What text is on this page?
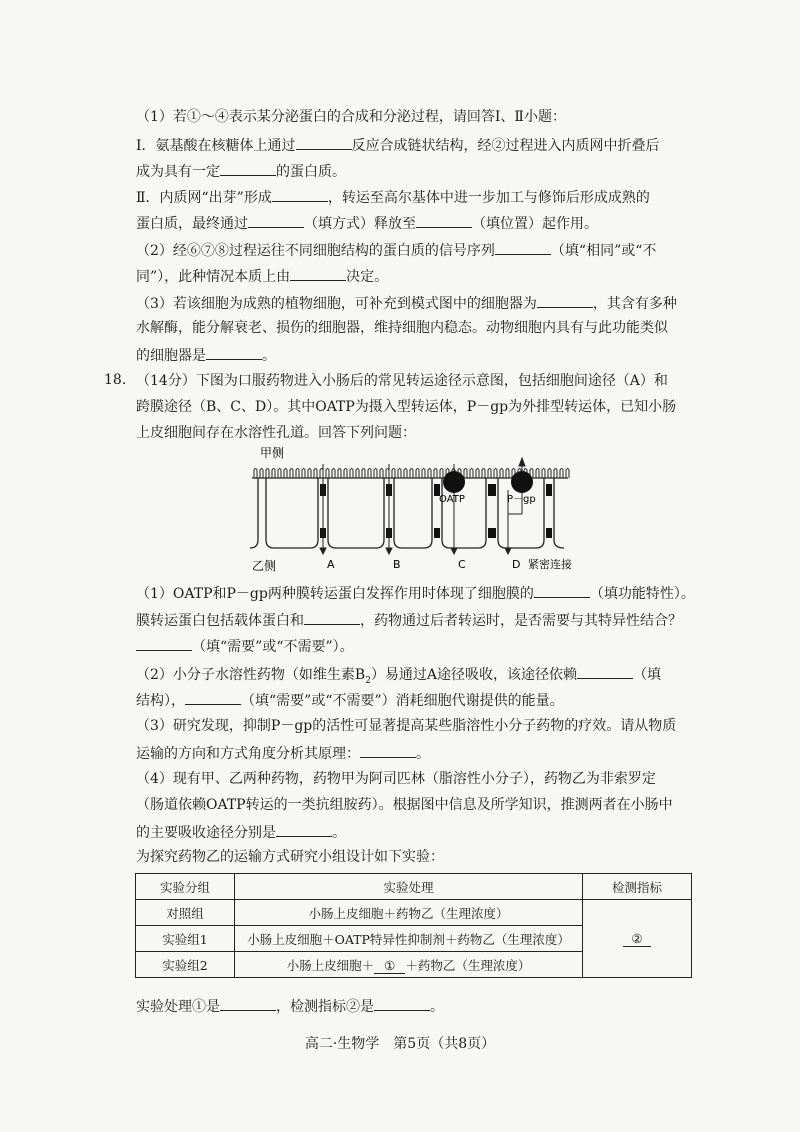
（1）若①～④表示某分泌蛋白的合成和分泌过程，请回答Ⅰ、Ⅱ小题：
Ⅰ．氨基酸在核糖体上通过	反应合成链状结构，经②过程进入内质网中折叠后
成为具有一定	的蛋白质。
Ⅱ．内质网“出芽”形成	，转运至高尔基体中进一步加工与修饰后形成成熟的
蛋白质，最终通过	（填方式）释放至	（填位置）起作用。
（2）经⑥⑦⑧过程运往不同细胞结构的蛋白质的信号序列	（填“相同”或“不
同”），此种情况本质上由	决定。
（3）若该细胞为成熟的植物细胞，可补充到模式图中的细胞器为	，其含有多种
水解酶，能分解衰老、损伤的细胞器，维持细胞内稳态。动物细胞内具有与此功能类似
的细胞器是	。
18. （14分）下图为口服药物进入小肠后的常见转运途径示意图，包括细胞间途径（A）和
跨膜途径（B、C、D）。其中OATP为摄入型转运体，P－gp为外排型转运体，已知小肠
上皮细胞间存在水溶性孔道。回答下列问题：
甲侧
乙侧
OATP	P－gp
A	B	C	D 紧密连接
（1）OATP和P－gp两种膜转运蛋白发挥作用时体现了细胞膜的	（填功能特性）。
膜转运蛋白包括载体蛋白和	，药物通过后者转运时，是否需要与其特异性结合？
（填“需要”或“不需要”）。
（2）小分子水溶性药物（如维生素$B_2$）易通过A途径吸收，该途径依赖	（填
结构），	（填“需要”或“不需要”）消耗细胞代谢提供的能量。
（3）研究发现，抑制P－gp的活性可显著提高某些脂溶性小分子药物的疗效。请从物质
运输的方向和方式角度分析其原理：	。
（4）现有甲、乙两种药物，药物甲为阿司匹林（脂溶性小分子），药物乙为非索罗定
（肠道依赖OATP转运的一类抗组胺药）。根据图中信息及所学知识，推测两者在小肠中
的主要吸收途径分别是	。
为探究药物乙的运输方式研究小组设计如下实验：
实验分组	实验处理	检测指标
对照组	小肠上皮细胞＋药物乙（生理浓度）	②
实验组1	小肠上皮细胞＋OATP特异性抑制剂＋药物乙（生理浓度）	
实验组2	小肠上皮细胞＋ ① ＋药物乙（生理浓度）	
实验处理①是	，检测指标②是	。
高二·生物学　第5页（共8页）
